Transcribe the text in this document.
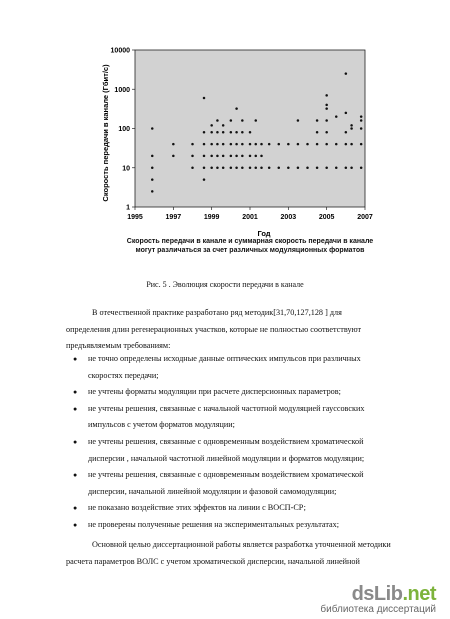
1
10
100
1000
10000
1995	1997	1999	2001	2003	2005	2007
Скорость передачи в канале (Гбит/с)
Год
Скорость передачи в канале и суммарная скорость передачи в канале
могут различаться за счет различных модуляционных форматов
Рис. 5 . Эволюция скорости передачи в канале
В отечественной практике разработано ряд методик[31,70,127,128 ] для
определения длин регенерационных участков, которые не полностью соответствуют
предъявляемым требованиям:
● не точно определены исходные данные оптических импульсов при различных
скоростях передачи;
● не учтены форматы модуляции при расчете дисперсионных параметров;
● не учтены решения, связанные с начальной частотной модуляцией гауссовских
импульсов с учетом форматов модуляции;
● не учтены решения, связанные с одновременным воздействием хроматической
дисперсии , начальной частотной линейной модуляции и форматов модуляции;
● не учтены решения, связанные с одновременным воздействием хроматической
дисперсии, начальной линейной модуляции и фазовой самомодуляции;
● не показано воздействие этих эффектов на линии с ВОСП-СР;
● не проверены полученные решения на экспериментальных результатах;
Основной целью диссертационной работы является разработка уточненной методики
расчета параметров ВОЛС с учетом хроматической дисперсии, начальной линейной
dsLib.net
библиотека диссертаций
